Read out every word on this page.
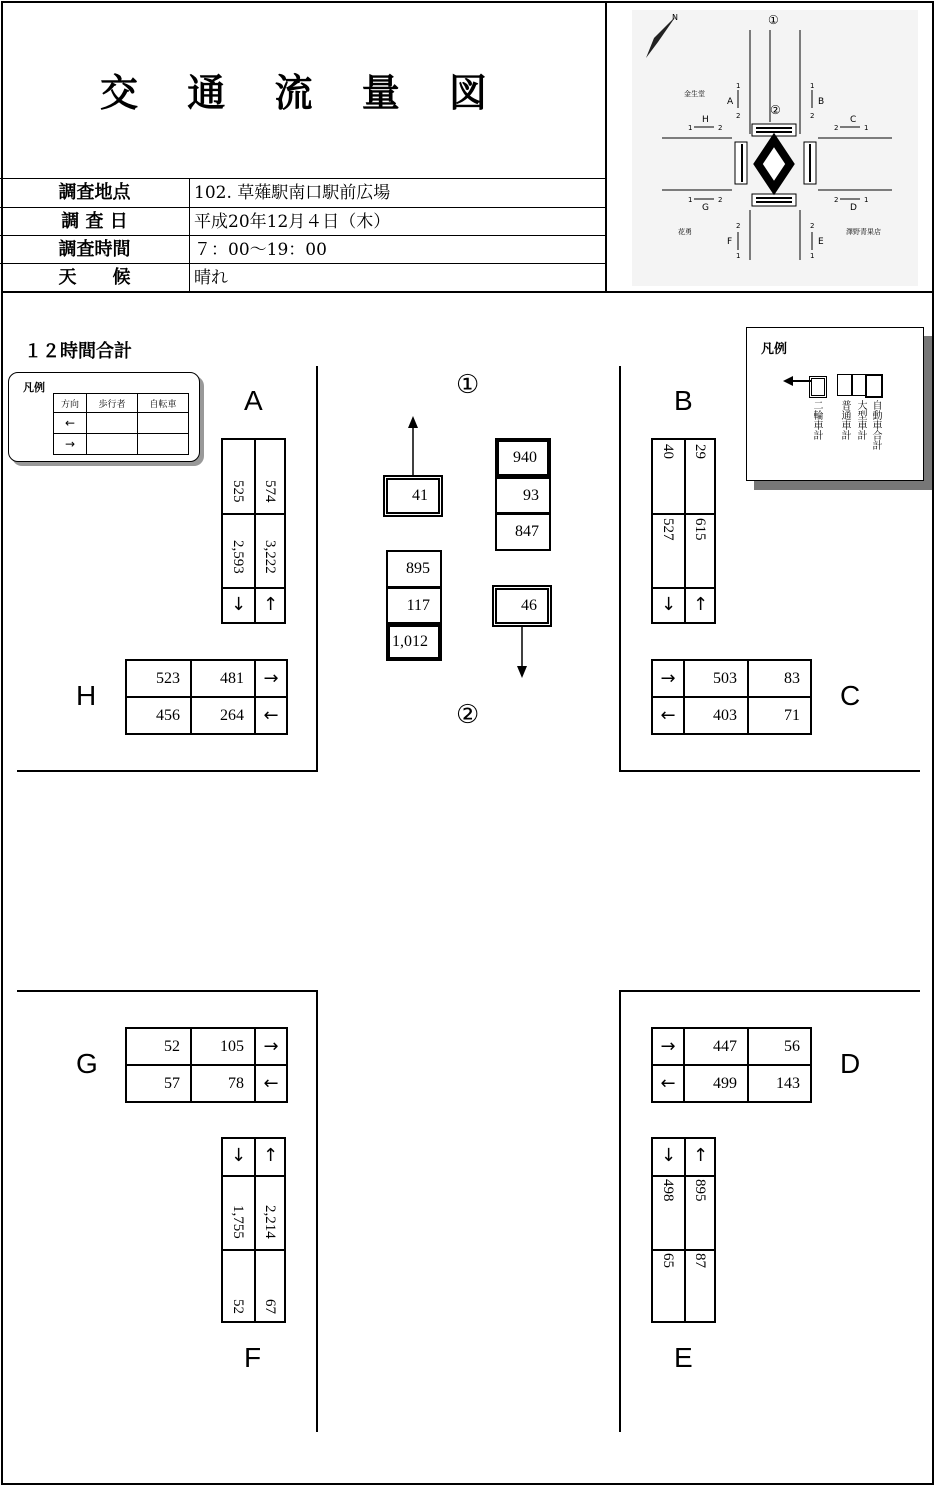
交 通 流 量 図
調査地点	102. 草薙駅南口駅前広場
調 査 日	平成20年12月４日（木）
調査時間	７：00〜19：00
天　　候	晴れ
N	①
②
A	B
C
D
E
F
G
H
金生堂
花勇	澤野青果店
1
2
1
2
1	2	2	1
1	2	2	1
2
1
2
1
１２時間合計
凡例
方向	歩行者	自転車
←		
→		
凡例
二輪車計 普通車計 大型車計 自動車合計
A
525 574
2,593 3,222
↓ ↑
B
40 29
527 615
↓ ↑
H
523	481	→
456	264	←
C
→	503	83
←	403	71
①
②
41
895
117
1,012
940
93
847
46
G
52	105	→
57	78	←
D
→	447	56
←	499	143
↓ ↑
1,755 2,214
52 67
F
↓ ↑
498 895
65 87
E
